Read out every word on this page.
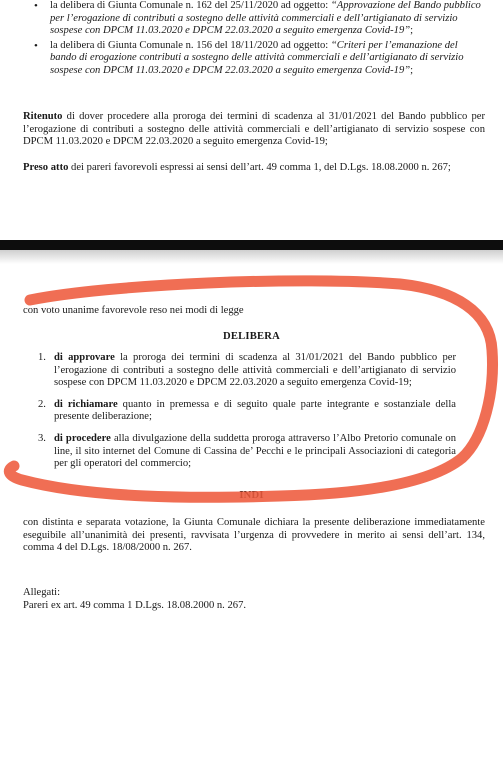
• la delibera di Giunta Comunale n. 162 del 25/11/2020 ad oggetto: “Approvazione del Bando pubblico per l’erogazione di contributi a sostegno delle attività commerciali e dell’artigianato di servizio sospese con DPCM 11.03.2020 e DPCM 22.03.2020 a seguito emergenza Covid-19”;
• la delibera di Giunta Comunale n. 156 del 18/11/2020 ad oggetto: “Criteri per l’emanazione del bando di erogazione contributi a sostegno delle attività commerciali e dell’artigianato di servizio sospese con DPCM 11.03.2020 e DPCM 22.03.2020 a seguito emergenza Covid-19”;

Ritenuto di dover procedere alla proroga dei termini di scadenza al 31/01/2021 del Bando pubblico per l’erogazione di contributi a sostegno delle attività commerciali e dell’artigianato di servizio sospese con DPCM 11.03.2020 e DPCM 22.03.2020 a seguito emergenza Covid-19;

Preso atto dei pareri favorevoli espressi ai sensi dell’art. 49 comma 1, del D.Lgs. 18.08.2000 n. 267;

con voto unanime favorevole reso nei modi di legge

DELIBERA
1. di approvare la proroga dei termini di scadenza al 31/01/2021 del Bando pubblico per l’erogazione di contributi a sostegno delle attività commerciali e dell’artigianato di servizio sospese con DPCM 11.03.2020 e DPCM 22.03.2020 a seguito emergenza Covid-19;
2. di richiamare quanto in premessa e di seguito quale parte integrante e sostanziale della presente deliberazione;
3. di procedere alla divulgazione della suddetta proroga attraverso l’Albo Pretorio comunale on line, il sito internet del Comune di Cassina de’ Pecchi e le principali Associazioni di categoria per gli operatori del commercio;
INDI

con distinta e separata votazione, la Giunta Comunale dichiara la presente deliberazione immediatamente eseguibile all’unanimità dei presenti, ravvisata l’urgenza di provvedere in merito ai sensi dell’art. 134, comma 4 del D.Lgs. 18/08/2000 n. 267.

Allegati:
Pareri ex art. 49 comma 1 D.Lgs. 18.08.2000 n. 267.
